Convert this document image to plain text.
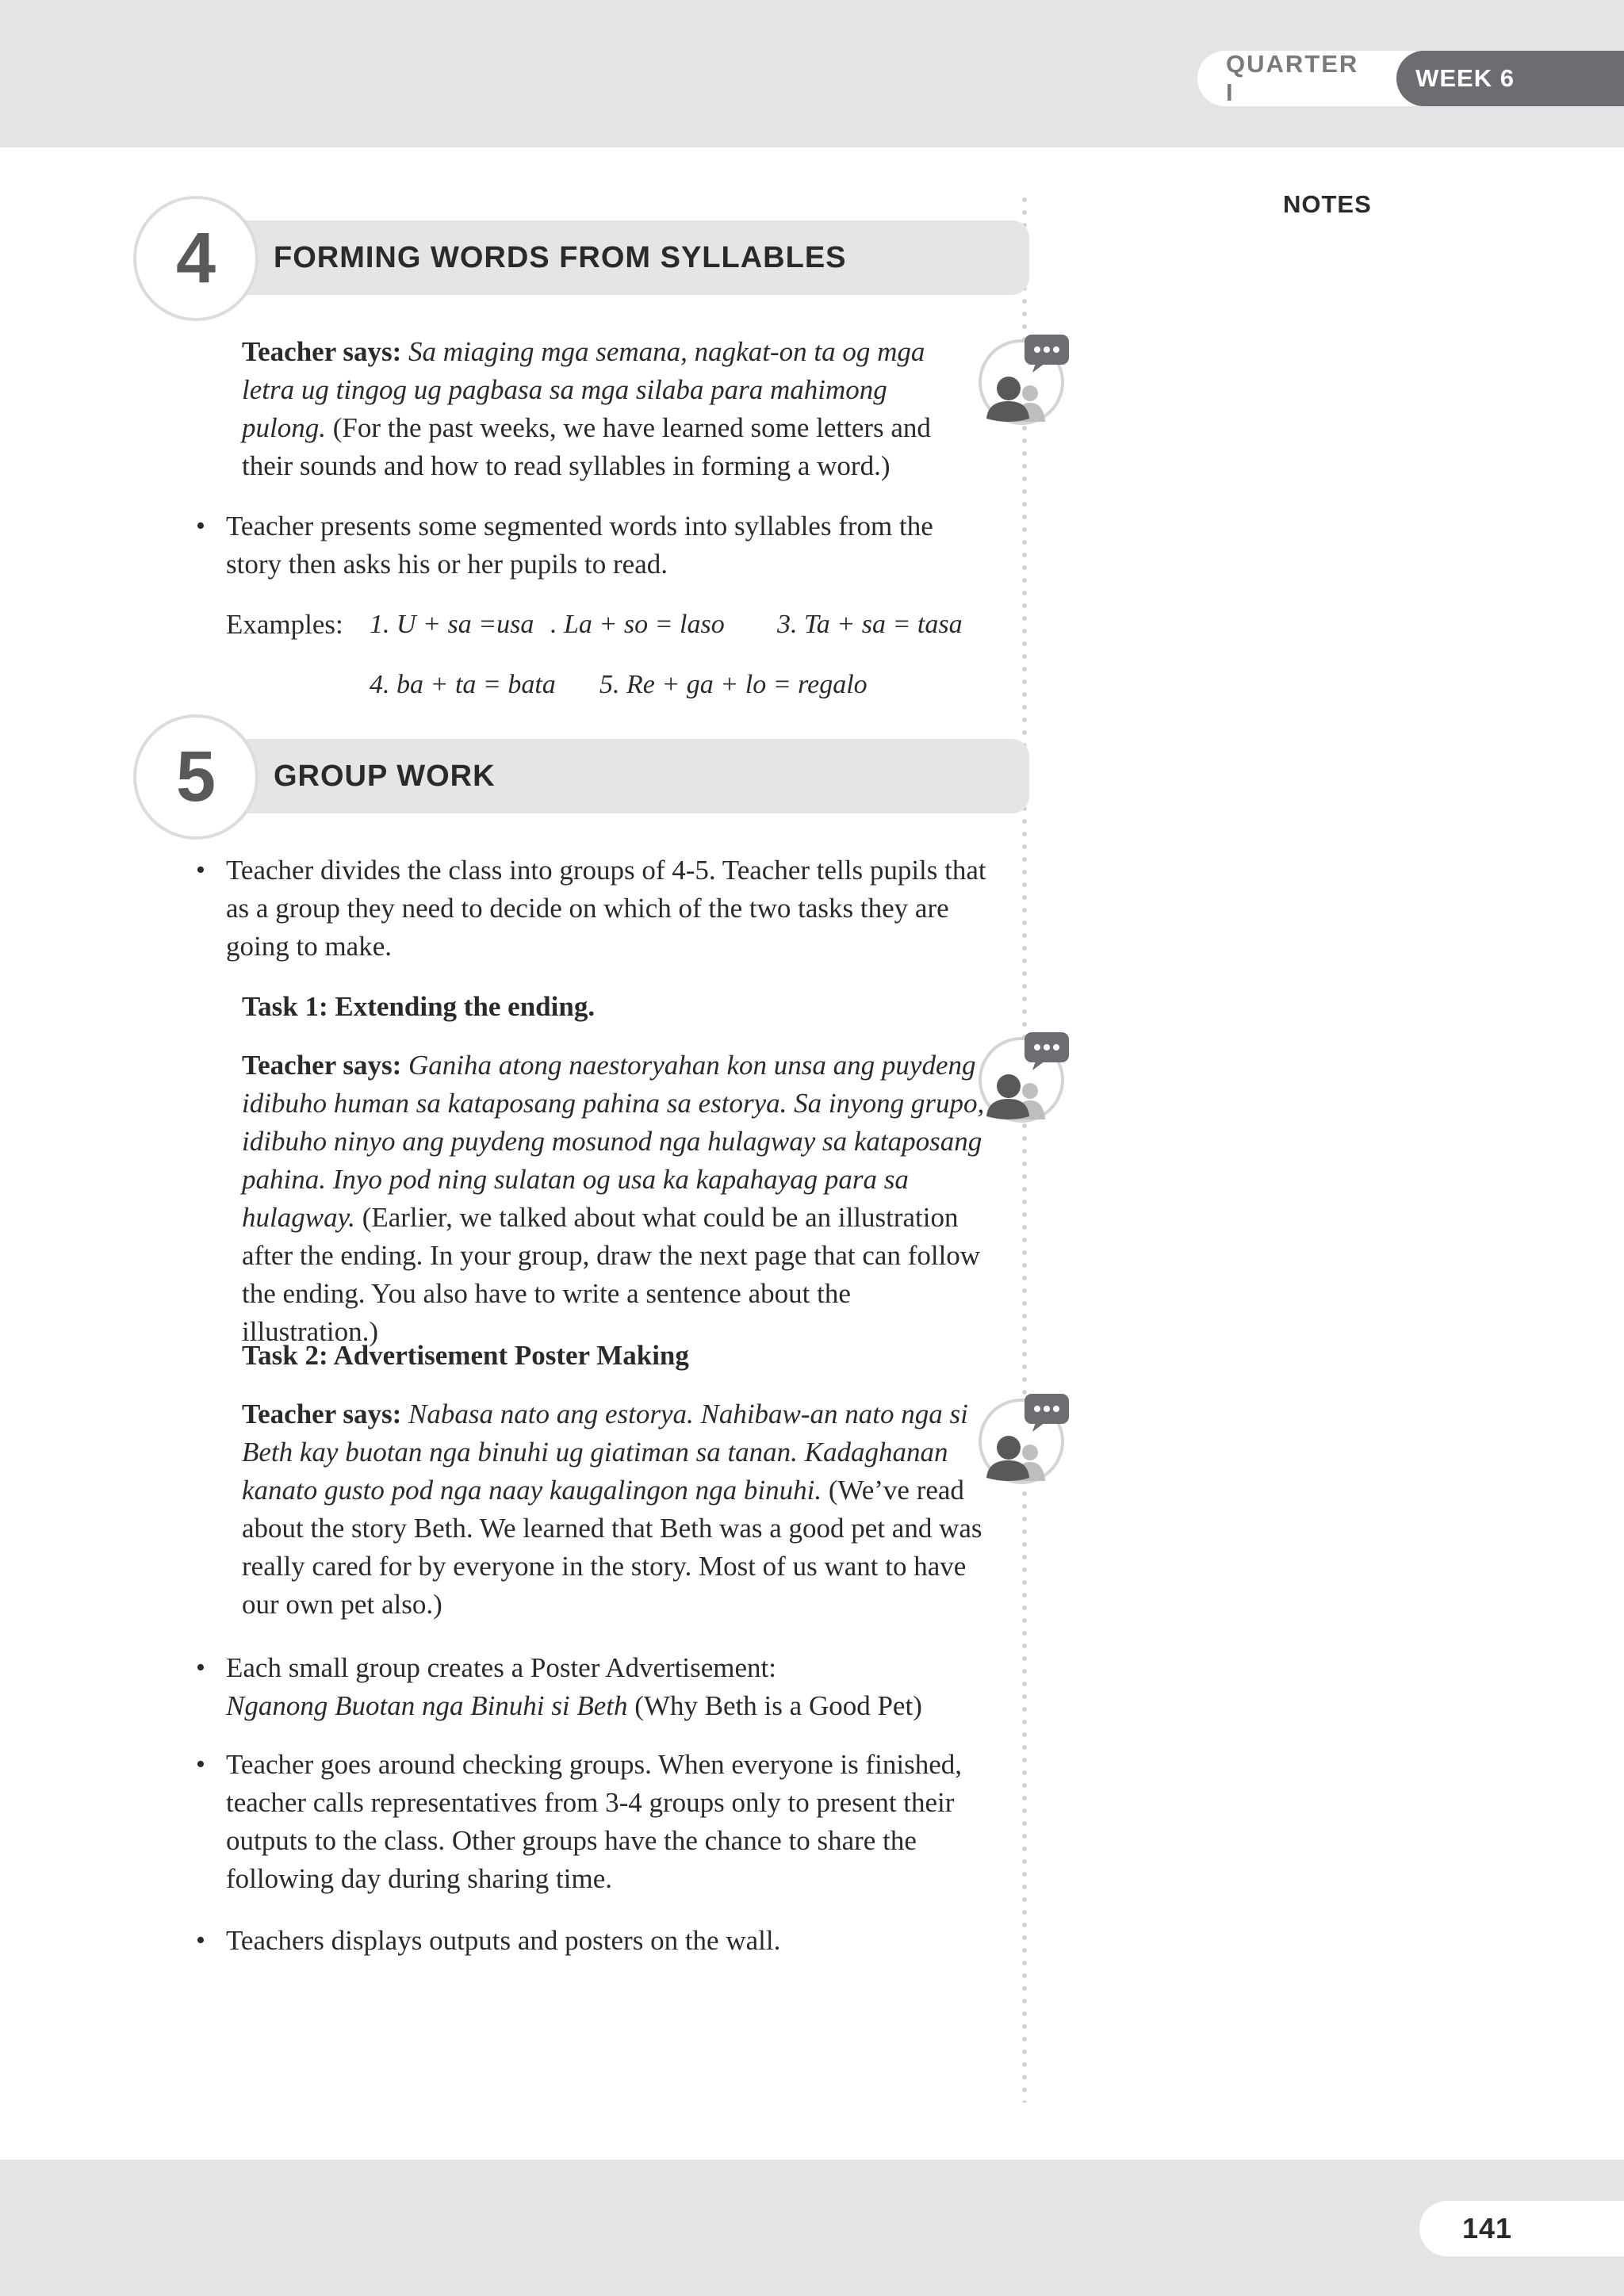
QUARTER I
WEEK 6
NOTES
FORMING WORDS FROM SYLLABLES
4
Teacher says: Sa miaging mga semana, nagkat-on ta og mga letra ug tingog ug pagbasa sa mga silaba para mahimong pulong. (For the past weeks, we have learned some letters and their sounds and how to read syllables in forming a word.)
• Teacher presents some segmented words into syllables from the story then asks his or her pupils to read.
Examples: 1. U + sa =usa . La + so = laso 3. Ta + sa = tasa
4. ba + ta = bata 5. Re + ga + lo = regalo
GROUP WORK
5
• Teacher divides the class into groups of 4-5. Teacher tells pupils that as a group they need to decide on which of the two tasks they are going to make.
Task 1: Extending the ending.
Teacher says: Ganiha atong naestoryahan kon unsa ang puydeng idibuho human sa kataposang pahina sa estorya. Sa inyong grupo, idibuho ninyo ang puydeng mosunod nga hulagway sa kataposang pahina. Inyo pod ning sulatan og usa ka kapahayag para sa hulagway. (Earlier, we talked about what could be an illustration after the ending. In your group, draw the next page that can follow the ending. You also have to write a sentence about the illustration.)
Task 2: Advertisement Poster Making
Teacher says: Nabasa nato ang estorya. Nahibaw-an nato nga si Beth kay buotan nga binuhi ug giatiman sa tanan. Kadaghanan kanato gusto pod nga naay kaugalingon nga binuhi. (We’ve read about the story Beth. We learned that Beth was a good pet and was really cared for by everyone in the story. Most of us want to have our own pet also.)
• Each small group creates a Poster Advertisement:
Nganong Buotan nga Binuhi si Beth (Why Beth is a Good Pet)
• Teacher goes around checking groups. When everyone is finished, teacher calls representatives from 3-4 groups only to present their outputs to the class. Other groups have the chance to share the following day during sharing time.
• Teachers displays outputs and posters on the wall.
141
